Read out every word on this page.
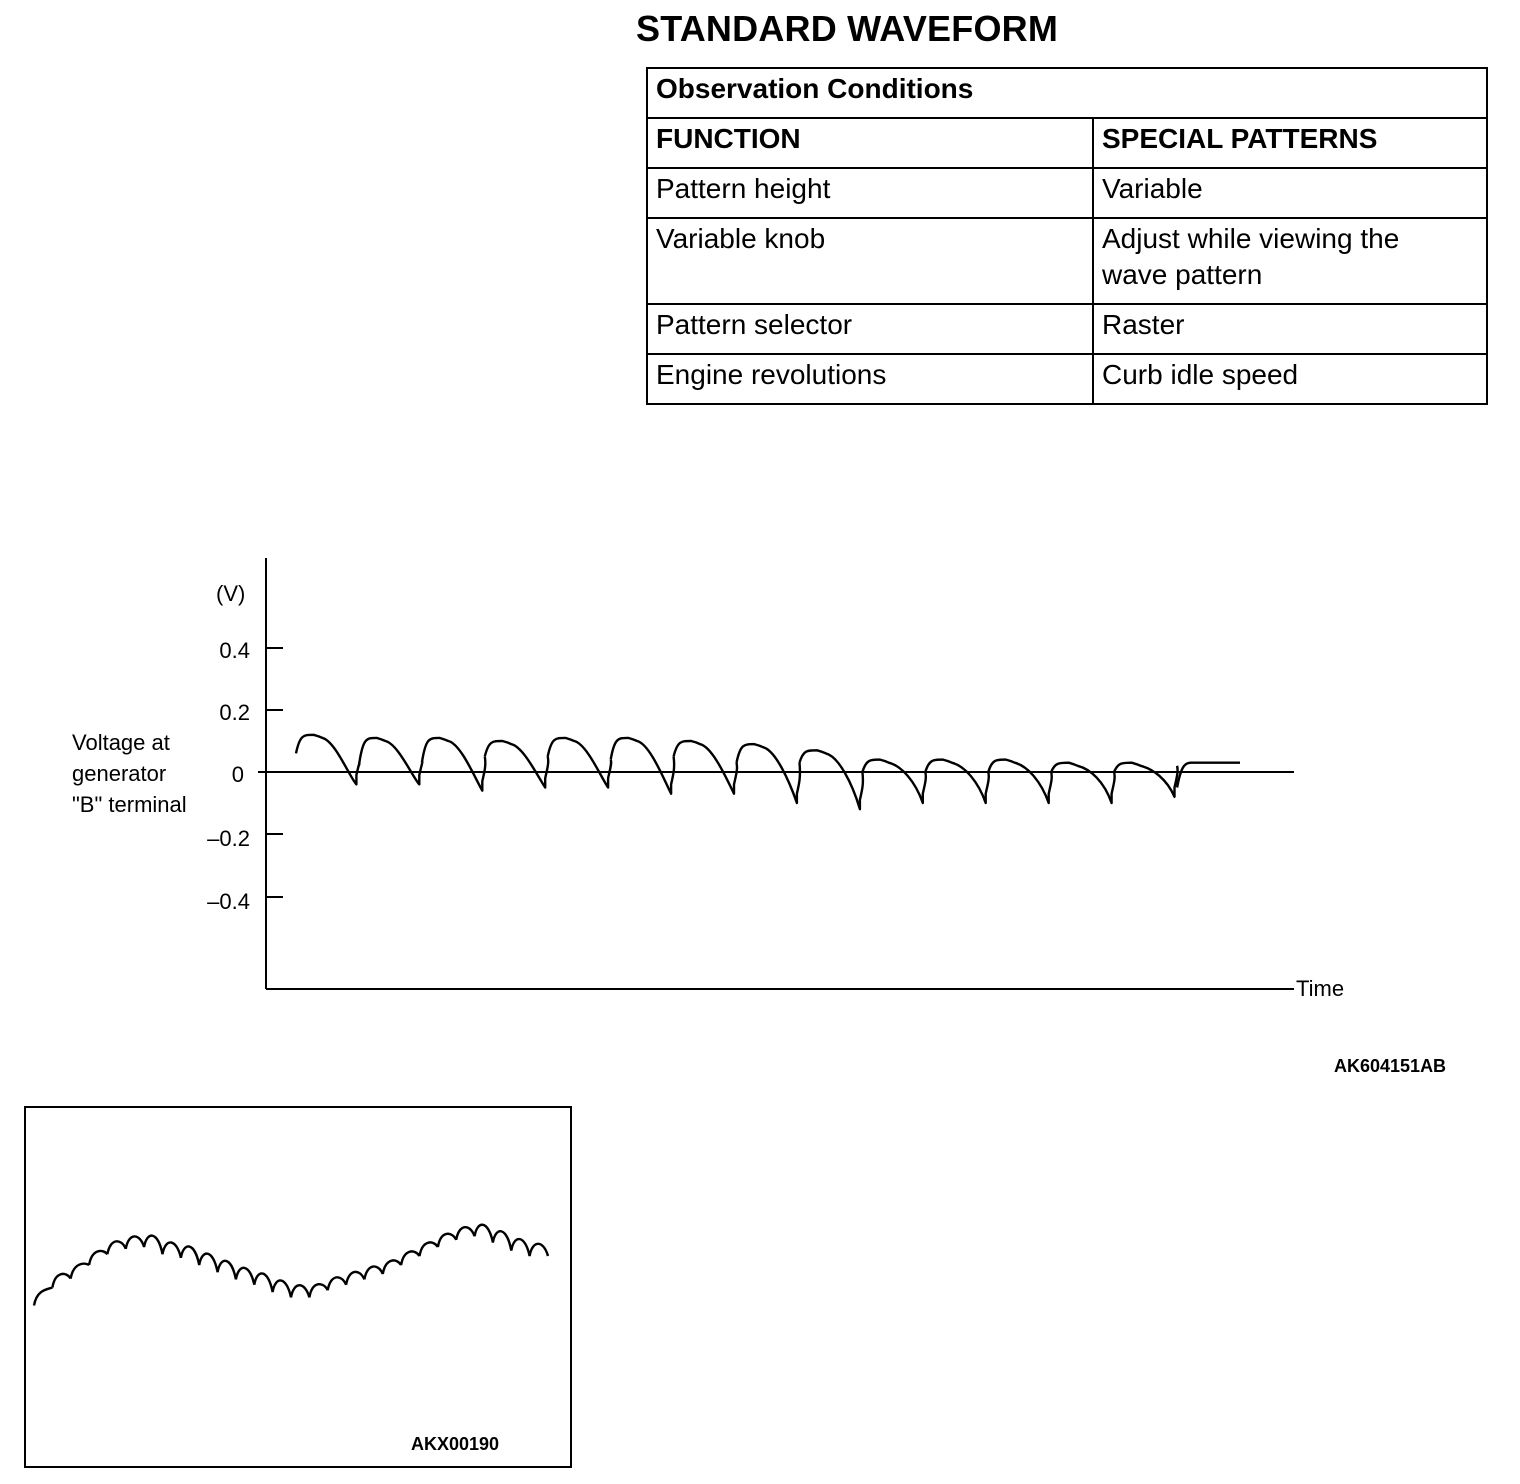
STANDARD WAVEFORM
Observation Conditions	
FUNCTION	SPECIAL PATTERNS
Pattern height	Variable
Variable knob	Adjust while viewing the wave pattern
Pattern selector	Raster
Engine revolutions	Curb idle speed
(V)
0.4
0.2
0
–0.2
–0.4
Voltage at
generator
"B" terminal
Time
AK604151AB
AKX00190
